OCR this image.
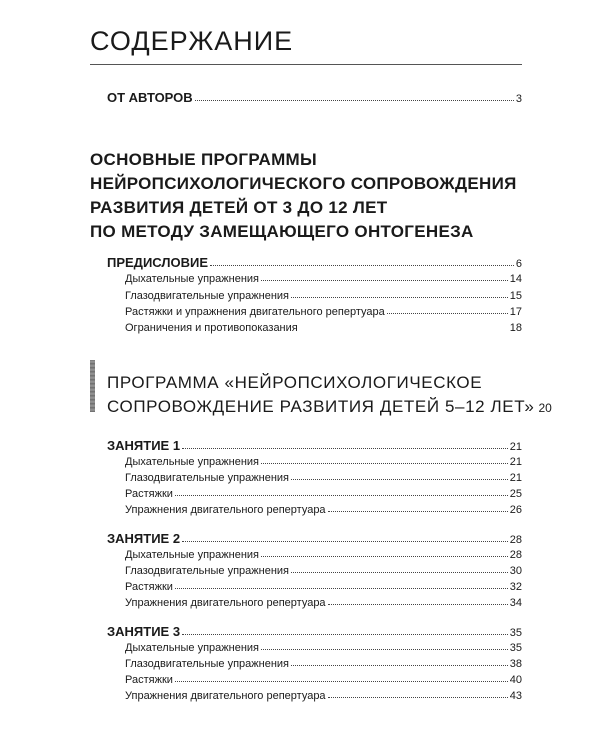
СОДЕРЖАНИЕ
ОТ АВТОРОВ	3
ОСНОВНЫЕ ПРОГРАММЫ
НЕЙРОПСИХОЛОГИЧЕСКОГО СОПРОВОЖДЕНИЯ
РАЗВИТИЯ ДЕТЕЙ ОТ 3 ДО 12 ЛЕТ
ПО МЕТОДУ ЗАМЕЩАЮЩЕГО ОНТОГЕНЕЗА
ПРЕДИСЛОВИЕ	6
Дыхательные упражнения	14
Глазодвигательные упражнения	15
Растяжки и упражнения двигательного репертуара	17
Ограничения и противопоказания	18
ПРОГРАММА «НЕЙРОПСИХОЛОГИЧЕСКОЕ
СОПРОВОЖДЕНИЕ РАЗВИТИЯ ДЕТЕЙ 5–12 ЛЕТ» 20
ЗАНЯТИЕ 1	21
Дыхательные упражнения	21
Глазодвигательные упражнения	21
Растяжки	25
Упражнения двигательного репертуара	26
ЗАНЯТИЕ 2	28
Дыхательные упражнения	28
Глазодвигательные упражнения	30
Растяжки	32
Упражнения двигательного репертуара	34
ЗАНЯТИЕ 3	35
Дыхательные упражнения	35
Глазодвигательные упражнения	38
Растяжки	40
Упражнения двигательного репертуара	43
